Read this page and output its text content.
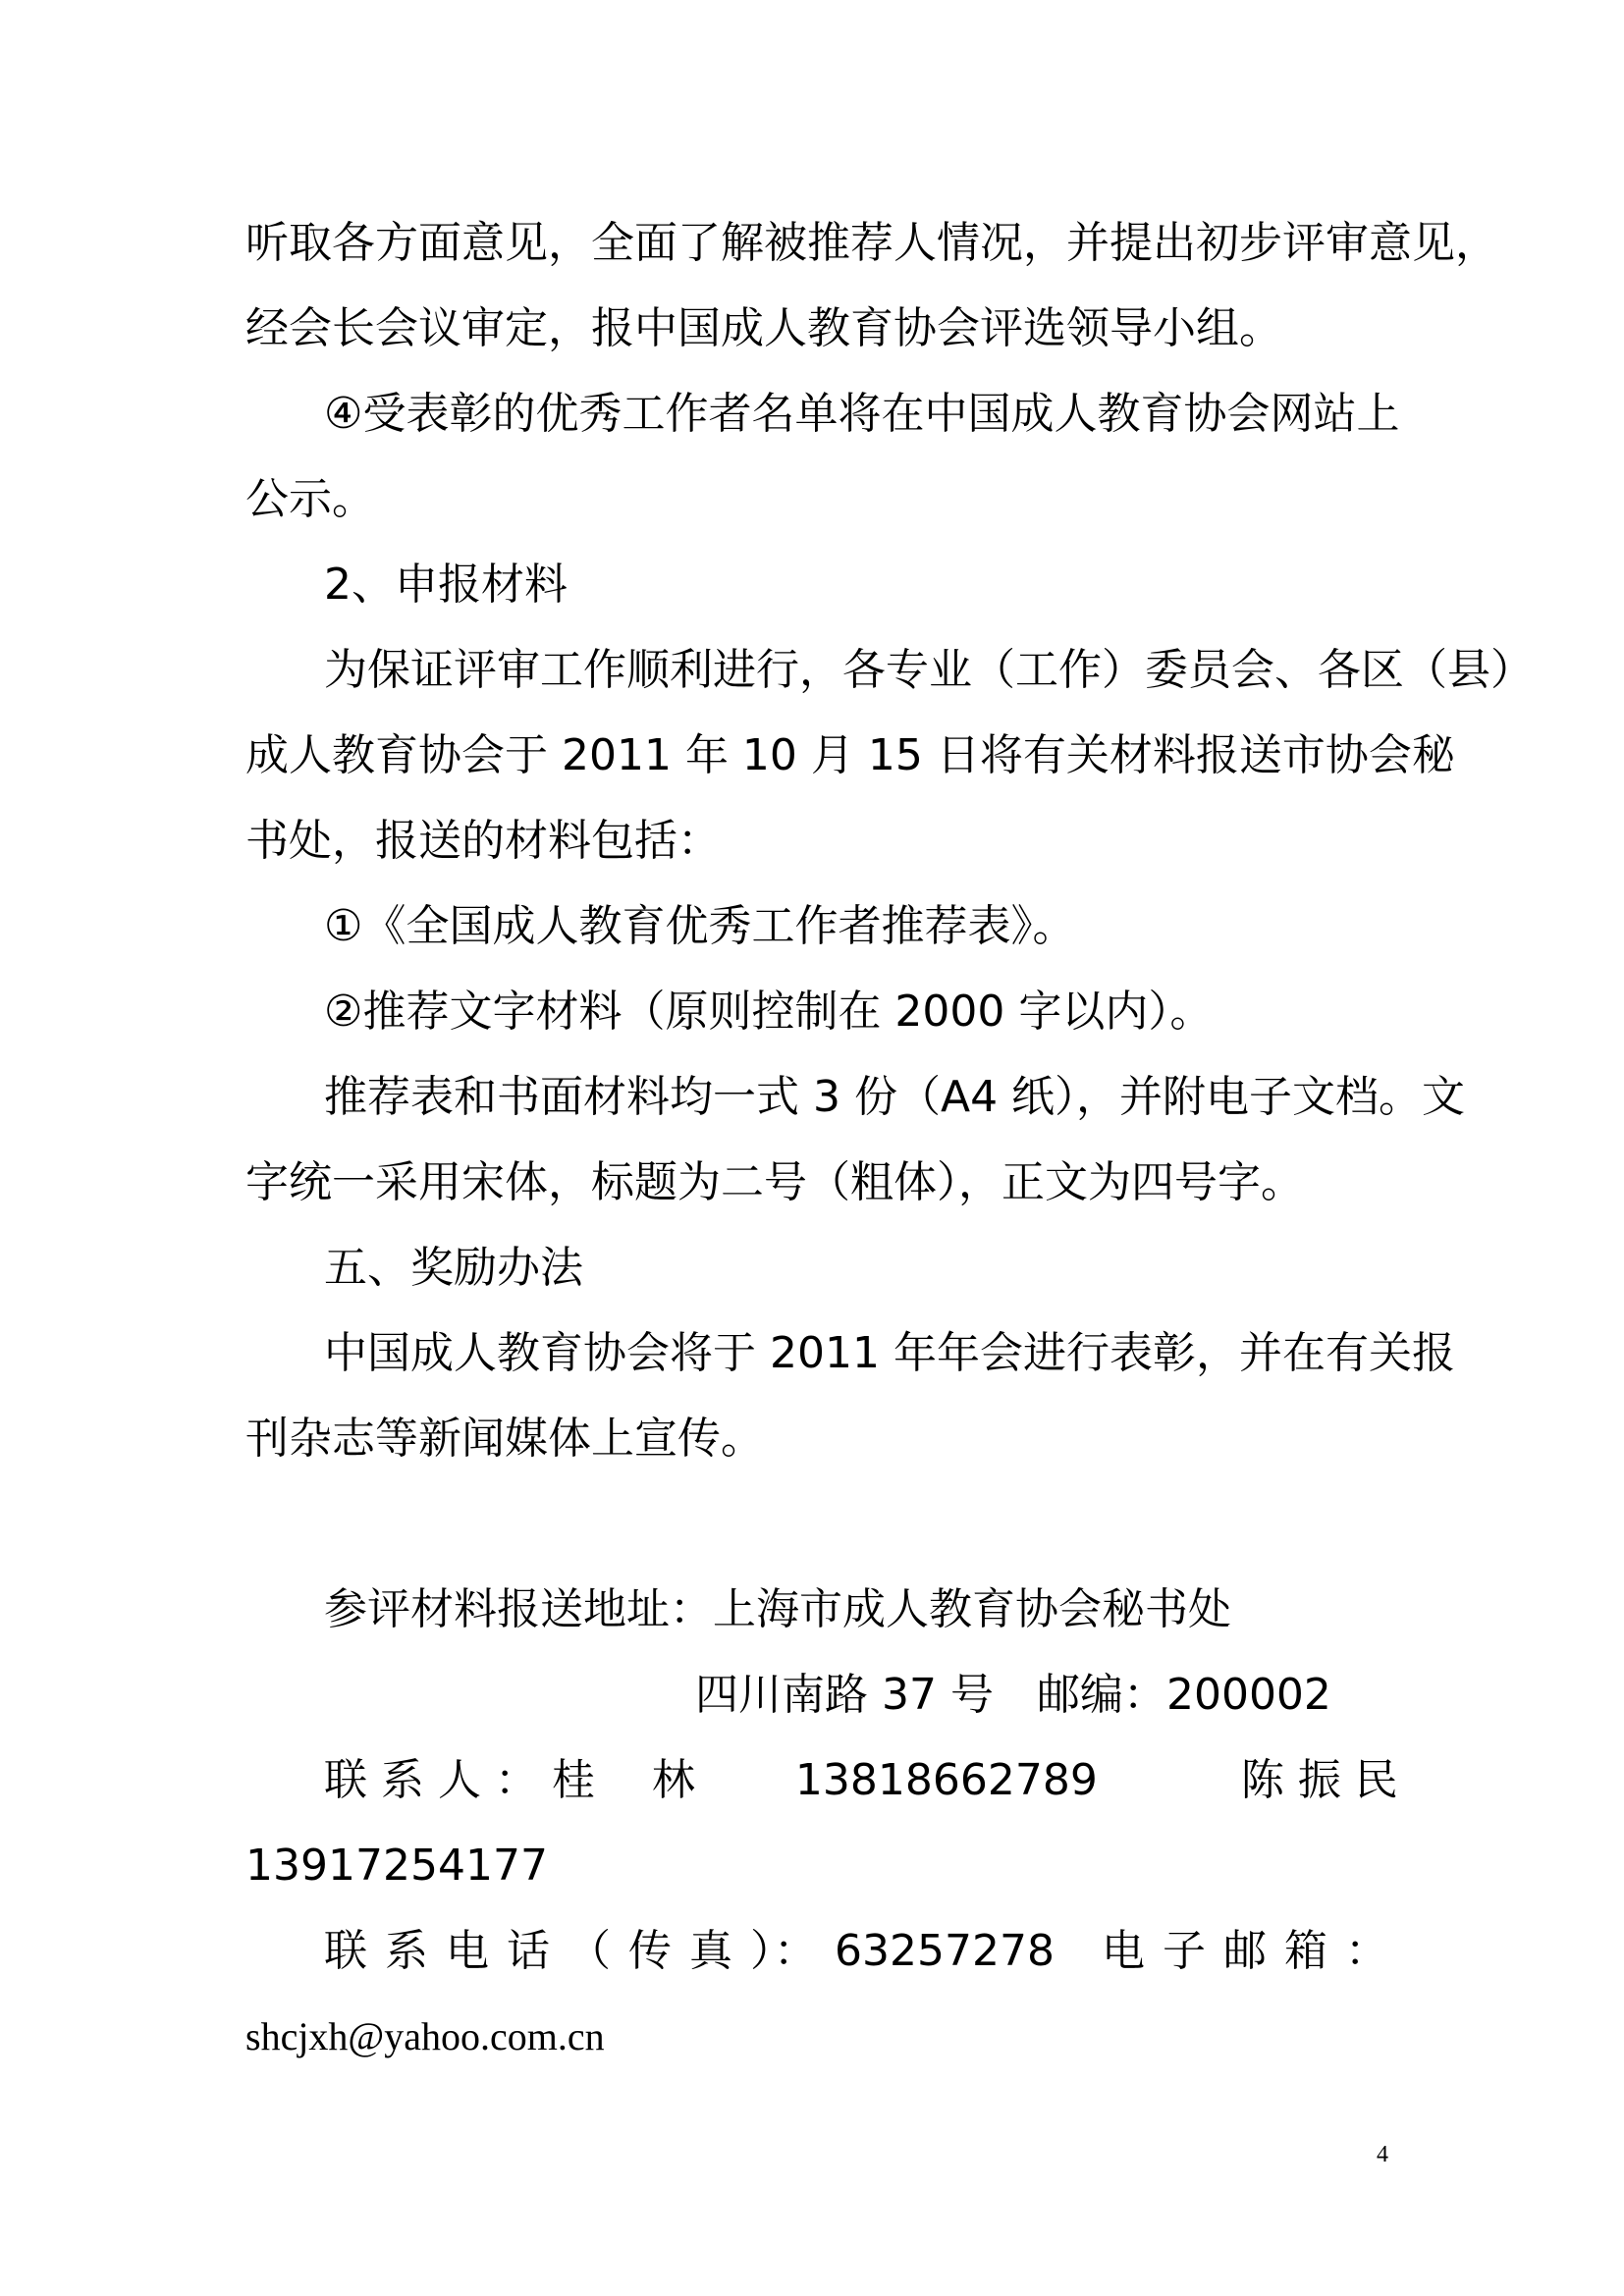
听取各方面意见，全面了解被推荐人情况，并提出初步评审意见，
经会长会议审定，报中国成人教育协会评选领导小组。
④受表彰的优秀工作者名单将在中国成人教育协会网站上
公示。
2、申报材料
为保证评审工作顺利进行，各专业（工作）委员会、各区（县）
成人教育协会于 2011 年 10 月 15 日将有关材料报送市协会秘
书处，报送的材料包括：
①《全国成人教育优秀工作者推荐表》。
②推荐文字材料（原则控制在 2000 字以内）。
推荐表和书面材料均一式 3 份（A4 纸），并附电子文档。文
字统一采用宋体，标题为二号（粗体），正文为四号字。
五、奖励办法
中国成人教育协会将于 2011 年年会进行表彰，并在有关报
刊杂志等新闻媒体上宣传。
参评材料报送地址：上海市成人教育协会秘书处
四川南路 37 号　邮编：200002
联 系 人 ： 桂　 林　　 13818662789　　　 陈 振 民
13917254177
联 系 电 话 （ 传 真 ）： 63257278　电 子 邮 箱 ：
shcjxh@yahoo.com.cn
4
